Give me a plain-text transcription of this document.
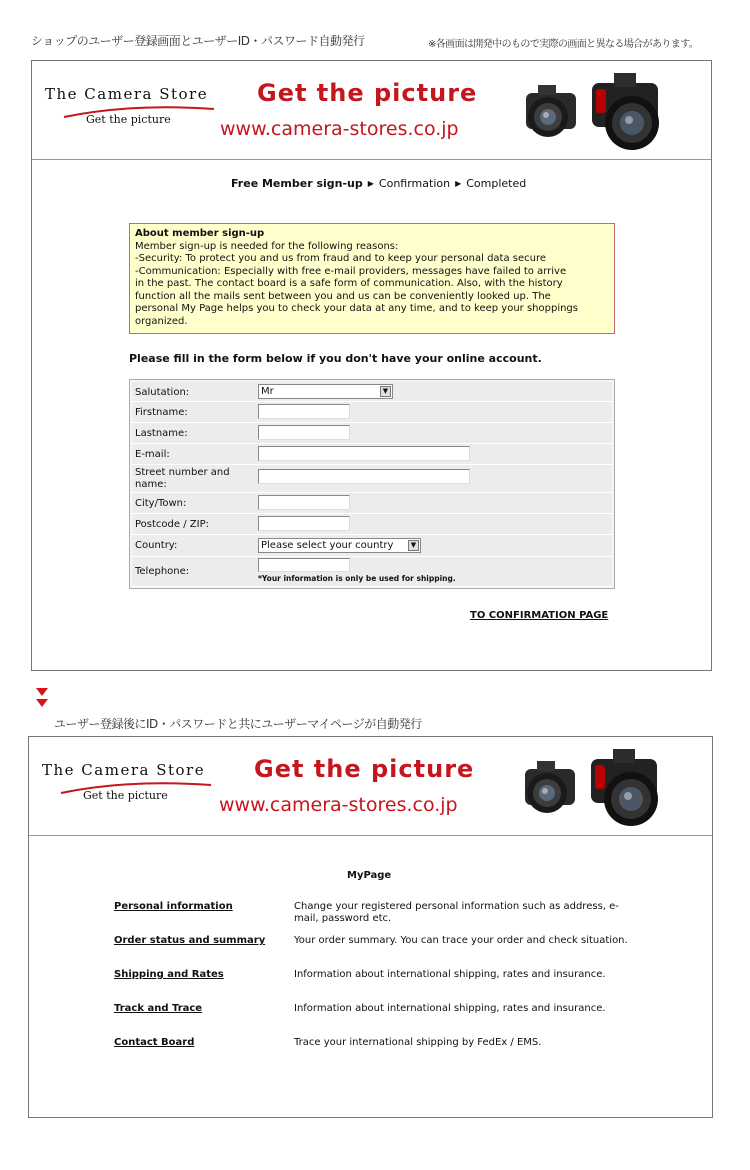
ショップのユーザー登録画面とユーザーID・パスワード自動発行	※各画面は開発中のもので実際の画面と異なる場合があります。
The Camera Store
Get the picture
Get the picture
www.camera-stores.co.jp
Free Member sign-up ▶ Confirmation ▶ Completed
About member sign-up
Member sign-up is needed for the following reasons:
-Security: To protect you and us from fraud and to keep your personal data secure
-Communication: Especially with free e-mail providers, messages have failed to arrive
in the past. The contact board is a safe form of communication. Also, with the history
function all the mails sent between you and us can be conveniently looked up. The
personal My Page helps you to check your data at any time, and to keep your shoppings
organized.
Please fill in the form below if you don't have your online account.
Salutation:	Mr	▼
Firstname:
Lastname:
E-mail:
Street number and
name:
City/Town:
Postcode / ZIP:
Country:	Please select your country	▼
Telephone:
*Your information is only be used for shipping.
TO CONFIRMATION PAGE
ユーザー登録後にID・パスワードと共にユーザーマイページが自動発行
The Camera Store
Get the picture
Get the picture
www.camera-stores.co.jp
MyPage
Personal information	Change your registered personal information such as address, e-mail, password etc.
Order status and summary	Your order summary. You can trace your order and check situation.
Shipping and Rates	Information about international shipping, rates and insurance.
Track and Trace	Information about international shipping, rates and insurance.
Contact Board	Trace your international shipping by FedEx / EMS.
